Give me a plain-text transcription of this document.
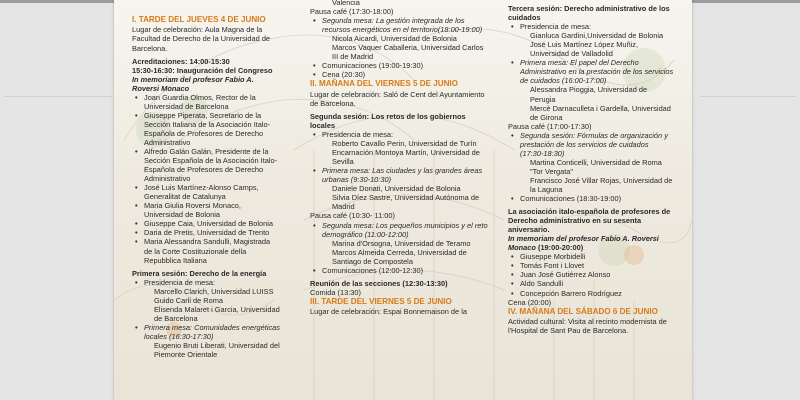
I. TARDE DEL JUEVES 4 DE JUNIO

Lugar de celebración: Aula Magna de la Facultad de Derecho de la Universidad de Barcelona.

Acreditaciones: 14:00-15:30

15:30-16:30: Inauguración del Congreso

In memoriam del profesor Fabio A. Roversi Monaco

• Joan Guardia Olmos, Rector de la Universidad de Barcelona
• Giuseppe Piperata, Secretario de la Sección Italiana de la Asociación Italo-Española de Profesores de Derecho Administrativo
• Alfredo Galán Galán, Presidente de la Sección Española de la Asociación Italo-Española de Profesores de Derecho Administrativo
• José Luis Martínez-Alonso Camps, Generalitat de Catalunya
• Maria Giulia Roversi Monaco, Universidad de Bolonia
• Giuseppe Caia, Universidad de Bolonia
• Daria de Pretis, Universidad de Trento
• Maria Alessandra Sandulli, Magistrada de la Corte Costituzionale della Repubblica Italiana

Primera sesión: Derecho de la energía

• Presidencia de mesa:

Marcello Clarich, Universidad LUISS Guido Carli de Roma

Elisenda Malaret i Garcia, Universidad de Barcelona

• Primera mesa: Comunidades energéticas locales (16:30-17:30)

Eugenio Bruti Liberati, Universidad del Piemonte Orientale

Valencia

Pausa café (17:30-18:00)

• Segunda mesa: La gestión integrada de los recursos energéticos en el territorio(18:00-19:00)

Nicola Aicardi, Universidad de Bolonia

Marcos Vaquer Caballeria, Universidad Carlos III de Madrid

• Comunicaciones (19:00-19:30)
• Cena (20:30)

II. MAÑANA DEL VIERNES 5 DE JUNIO

Lugar de celebración: Saló de Cent del Ayuntamiento de Barcelona.

Segunda sesión: Los retos de los gobiernos locales

• Presidencia de mesa:

Roberto Cavallo Perin, Universidad de Turín

Encarnación Montoya Martín, Universidad de Sevilla

• Primera mesa: Las ciudades y las grandes áreas urbanas (9:30-10:30)

Daniele Donati, Universidad de Bolonia

Silvia Díez Sastre, Universidad Autónoma de Madrid

Pausa café (10:30- 11:00)

• Segunda mesa: Los pequeños municipios y el reto demográfico (11:00-12:00)

Marina d'Orsogna, Universidad de Teramo

Marcos Almeida Cerreda, Universidad de Santiago de Compostela

• Comunicaciones (12:00-12:30)

Reunión de las secciones (12:30-13:30)

Comida (13:30)

III. TARDE DEL VIERNES 5 DE JUNIO

Lugar de celebración: Espai Bonnemaison de la

Tercera sesión: Derecho administrativo de los cuidados

• Presidencia de mesa:

Gianluca Gardini,Universidad de Bolonia

José Luis Martínez López Muñiz, Universidad de Valladolid

• Primera mesa: El papel del Derecho Administrativo en la prestación de los servicios de cuidados (16:00-17:00)

Alessandra Pioggia, Universidad de Perugia

Mercè Darnaculleta i Gardella, Universidad de Girona

Pausa café (17:00-17:30)

• Segunda sesión: Fórmulas de organización y prestación de los servicios de cuidados (17:30-18:30)

Martina Conticelli, Universidad de Roma "Tor Vergata"

Francisco José Villar Rojas, Universidad de la Laguna

• Comunicaciones (18:30-19:00)

La asociación italo-española de profesores de Derecho administrativo en su sesenta aniversario.

In memoriam del profesor Fabio A. Roversi Monaco (19:00-20:00)

• Giuseppe Morbidelli
• Tomás Font i Llovet
• Juan José Gutiérrez Alonso
• Aldo Sandulli
• Concepción Barrero Rodríguez

Cena (20:00)

IV. MAÑANA DEL SÁBADO 6 DE JUNIO

Actividad cultural: Visita al recinto modernista de l'Hospital de Sant Pau de Barcelona.
